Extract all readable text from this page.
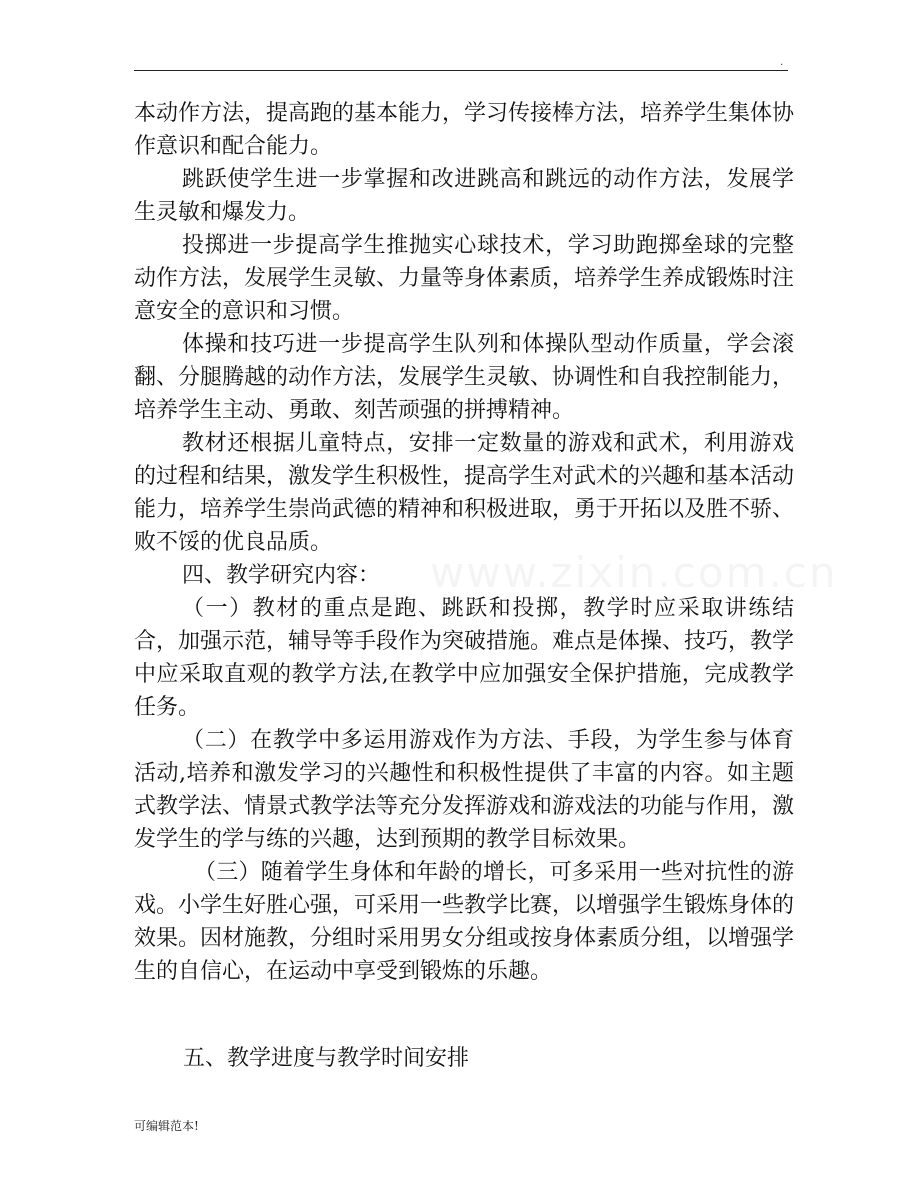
.
www.zixin.com.cn

本动作方法，提高跑的基本能力，学习传接棒方法，培养学生集体协作意识和配合能力。

跳跃使学生进一步掌握和改进跳高和跳远的动作方法，发展学生灵敏和爆发力。

投掷进一步提高学生推抛实心球技术，学习助跑掷垒球的完整动作方法，发展学生灵敏、力量等身体素质，培养学生养成锻炼时注意安全的意识和习惯。

体操和技巧进一步提高学生队列和体操队型动作质量，学会滚翻、分腿腾越的动作方法，发展学生灵敏、协调性和自我控制能力，培养学生主动、勇敢、刻苦顽强的拼搏精神。

教材还根据儿童特点，安排一定数量的游戏和武术，利用游戏的过程和结果，激发学生积极性，提高学生对武术的兴趣和基本活动能力，培养学生崇尚武德的精神和积极进取，勇于开拓以及胜不骄、败不馁的优良品质。

四、教学研究内容：

（一）教材的重点是跑、跳跃和投掷，教学时应采取讲练结合，加强示范，辅导等手段作为突破措施。难点是体操、技巧，教学中应采取直观的教学方法,在教学中应加强安全保护措施，完成教学任务。

（二）在教学中多运用游戏作为方法、手段，为学生参与体育活动,培养和激发学习的兴趣性和积极性提供了丰富的内容。如主题式教学法、情景式教学法等充分发挥游戏和游戏法的功能与作用，激发学生的学与练的兴趣，达到预期的教学目标效果。

（三）随着学生身体和年龄的增长，可多采用一些对抗性的游戏。小学生好胜心强，可采用一些教学比赛，以增强学生锻炼身体的效果。因材施教，分组时采用男女分组或按身体素质分组，以增强学生的自信心，在运动中享受到锻炼的乐趣。

五、教学进度与教学时间安排
可编辑范本!
